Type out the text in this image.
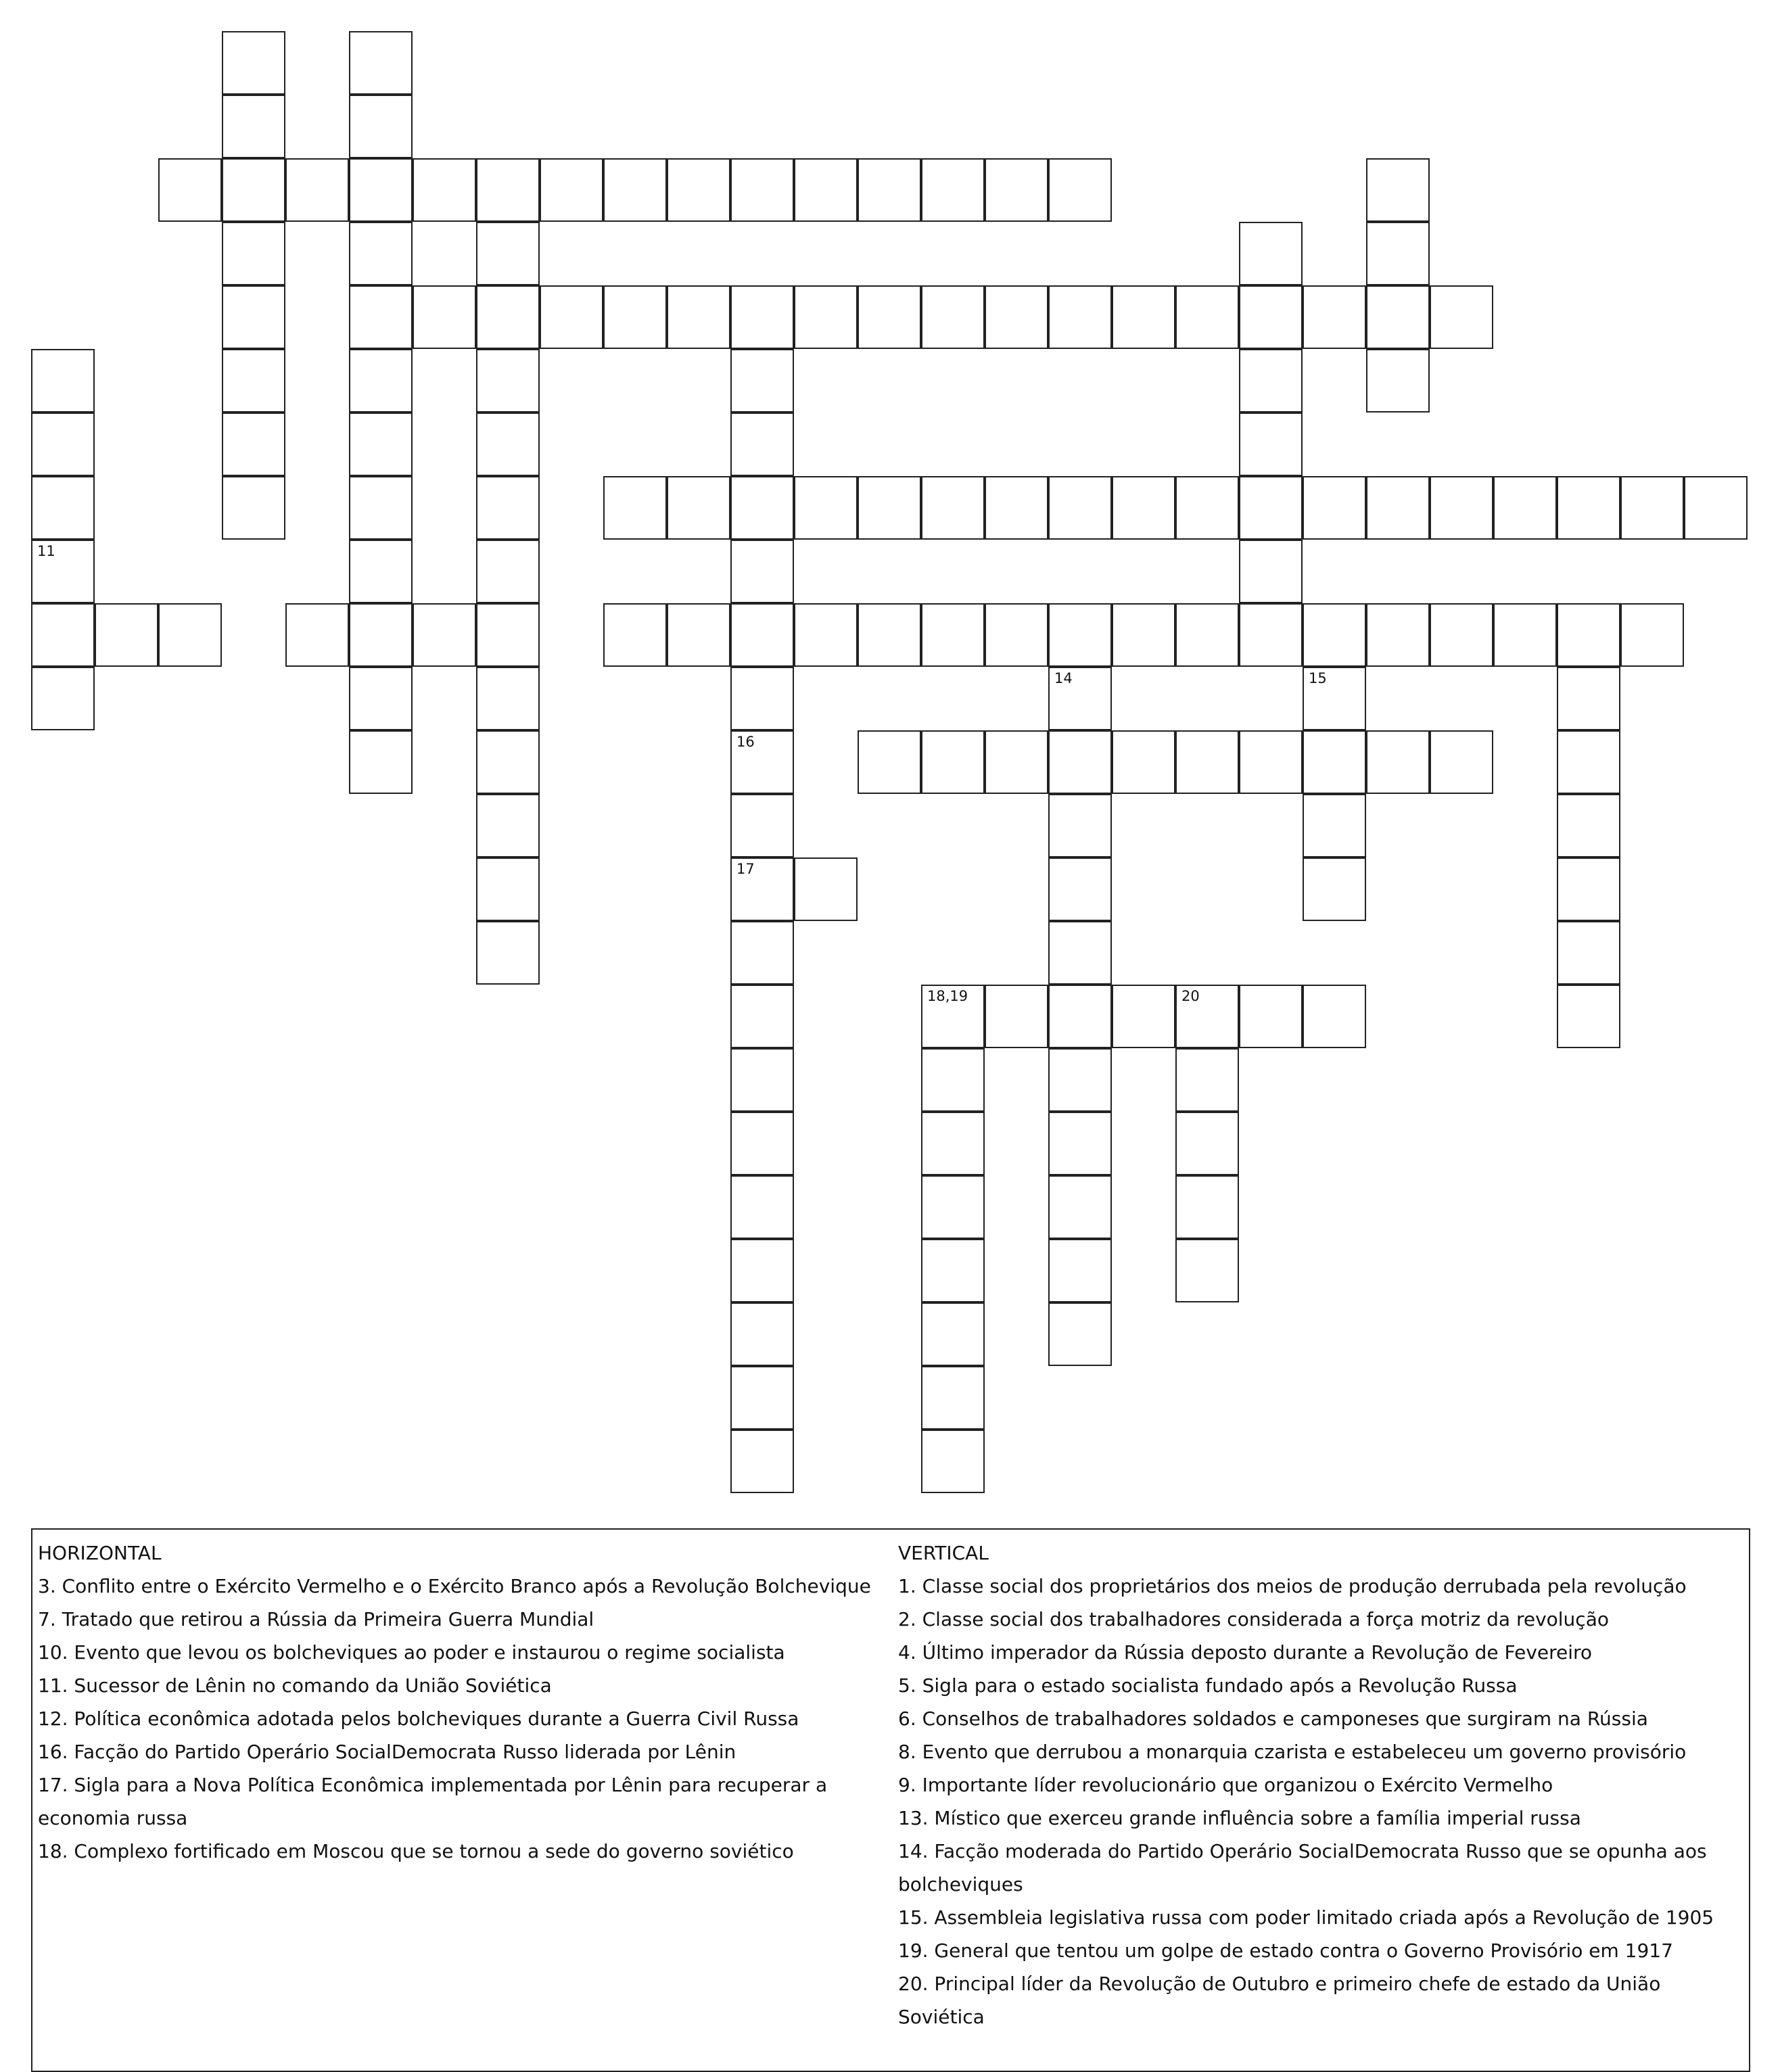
11
14	15
16
17
18,19	20

HORIZONTAL

3. Conflito entre o Exército Vermelho e o Exército Branco após a Revolução Bolchevique

7. Tratado que retirou a Rússia da Primeira Guerra Mundial

10. Evento que levou os bolcheviques ao poder e instaurou o regime socialista

11. Sucessor de Lênin no comando da União Soviética

12. Política econômica adotada pelos bolcheviques durante a Guerra Civil Russa

16. Facção do Partido Operário SocialDemocrata Russo liderada por Lênin

17. Sigla para a Nova Política Econômica implementada por Lênin para recuperar a economia russa

18. Complexo fortificado em Moscou que se tornou a sede do governo soviético

VERTICAL

1. Classe social dos proprietários dos meios de produção derrubada pela revolução

2. Classe social dos trabalhadores considerada a força motriz da revolução

4. Último imperador da Rússia deposto durante a Revolução de Fevereiro

5. Sigla para o estado socialista fundado após a Revolução Russa

6. Conselhos de trabalhadores soldados e camponeses que surgiram na Rússia

8. Evento que derrubou a monarquia czarista e estabeleceu um governo provisório

9. Importante líder revolucionário que organizou o Exército Vermelho

13. Místico que exerceu grande influência sobre a família imperial russa

14. Facção moderada do Partido Operário SocialDemocrata Russo que se opunha aos bolcheviques

15. Assembleia legislativa russa com poder limitado criada após a Revolução de 1905

19. General que tentou um golpe de estado contra o Governo Provisório em 1917

20. Principal líder da Revolução de Outubro e primeiro chefe de estado da União Soviética
